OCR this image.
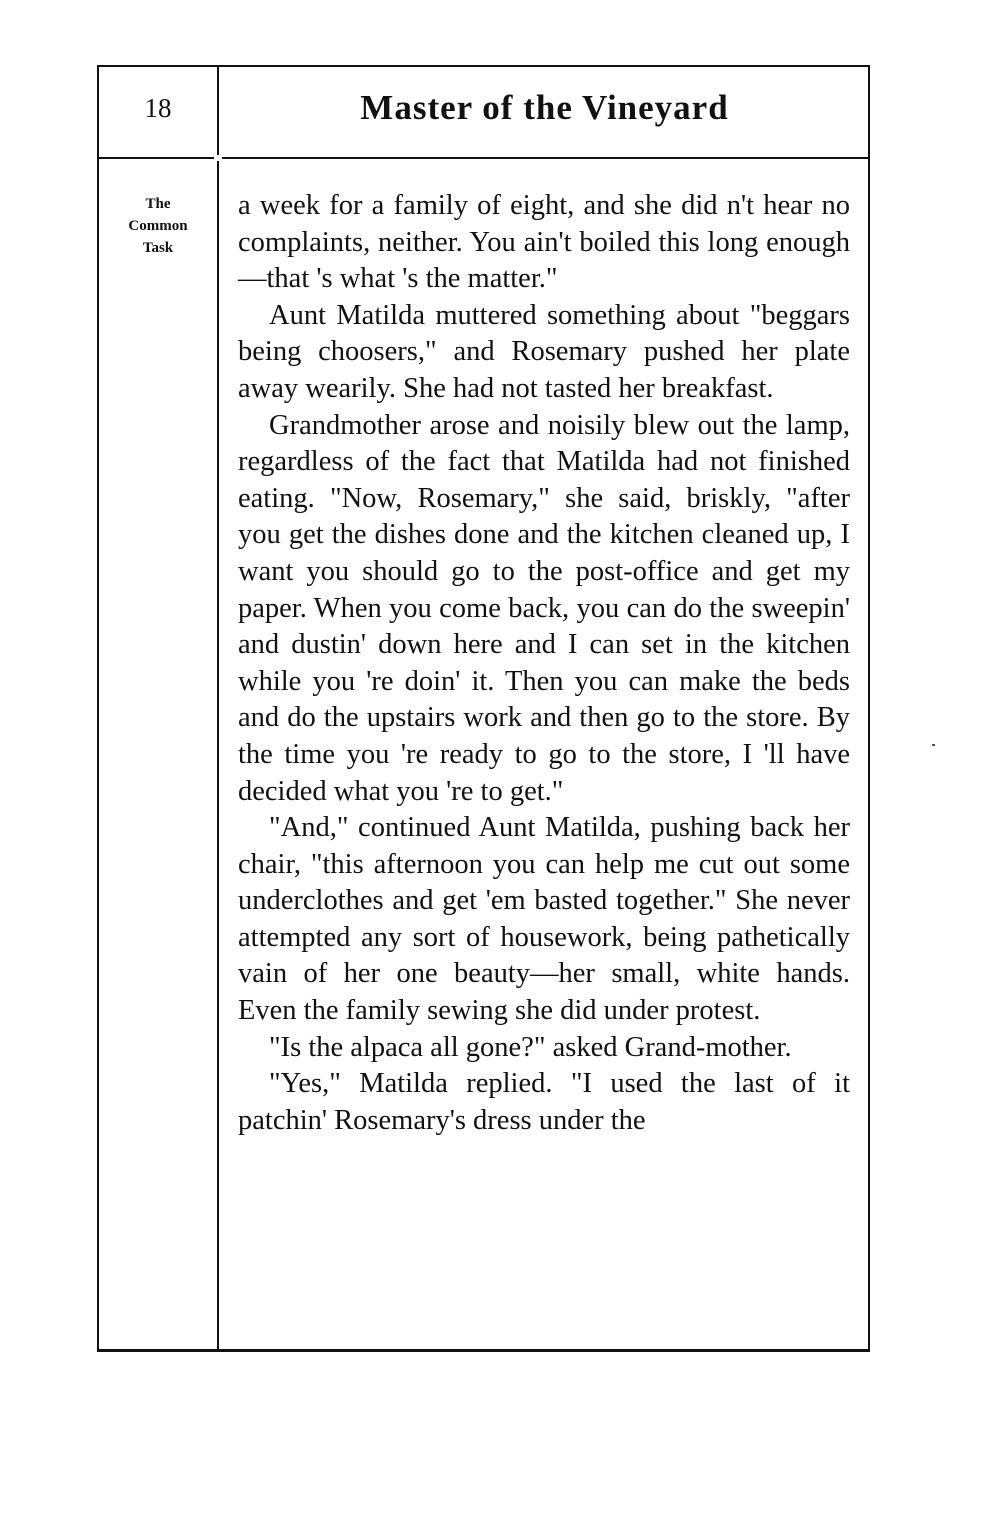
18	Master of the Vineyard
The
Common
Task

a week for a family of eight, and she did n't hear no complaints, neither. You ain't boiled this long enough—that 's what 's the matter."

Aunt Matilda muttered something about "beggars being choosers," and Rosemary pushed her plate away wearily. She had not tasted her breakfast.

Grandmother arose and noisily blew out the lamp, regardless of the fact that Matilda had not finished eating. "Now, Rosemary," she said, briskly, "after you get the dishes done and the kitchen cleaned up, I want you should go to the post-office and get my paper. When you come back, you can do the sweepin' and dustin' down here and I can set in the kitchen while you 're doin' it. Then you can make the beds and do the upstairs work and then go to the store. By the time you 're ready to go to the store, I 'll have decided what you 're to get."

"And," continued Aunt Matilda, pushing back her chair, "this afternoon you can help me cut out some underclothes and get 'em basted together." She never attempted any sort of housework, being pathetically vain of her one beauty—her small, white hands. Even the family sewing she did under protest.

"Is the alpaca all gone?" asked Grand-mother.

"Yes," Matilda replied. "I used the last of it patchin' Rosemary's dress under the
